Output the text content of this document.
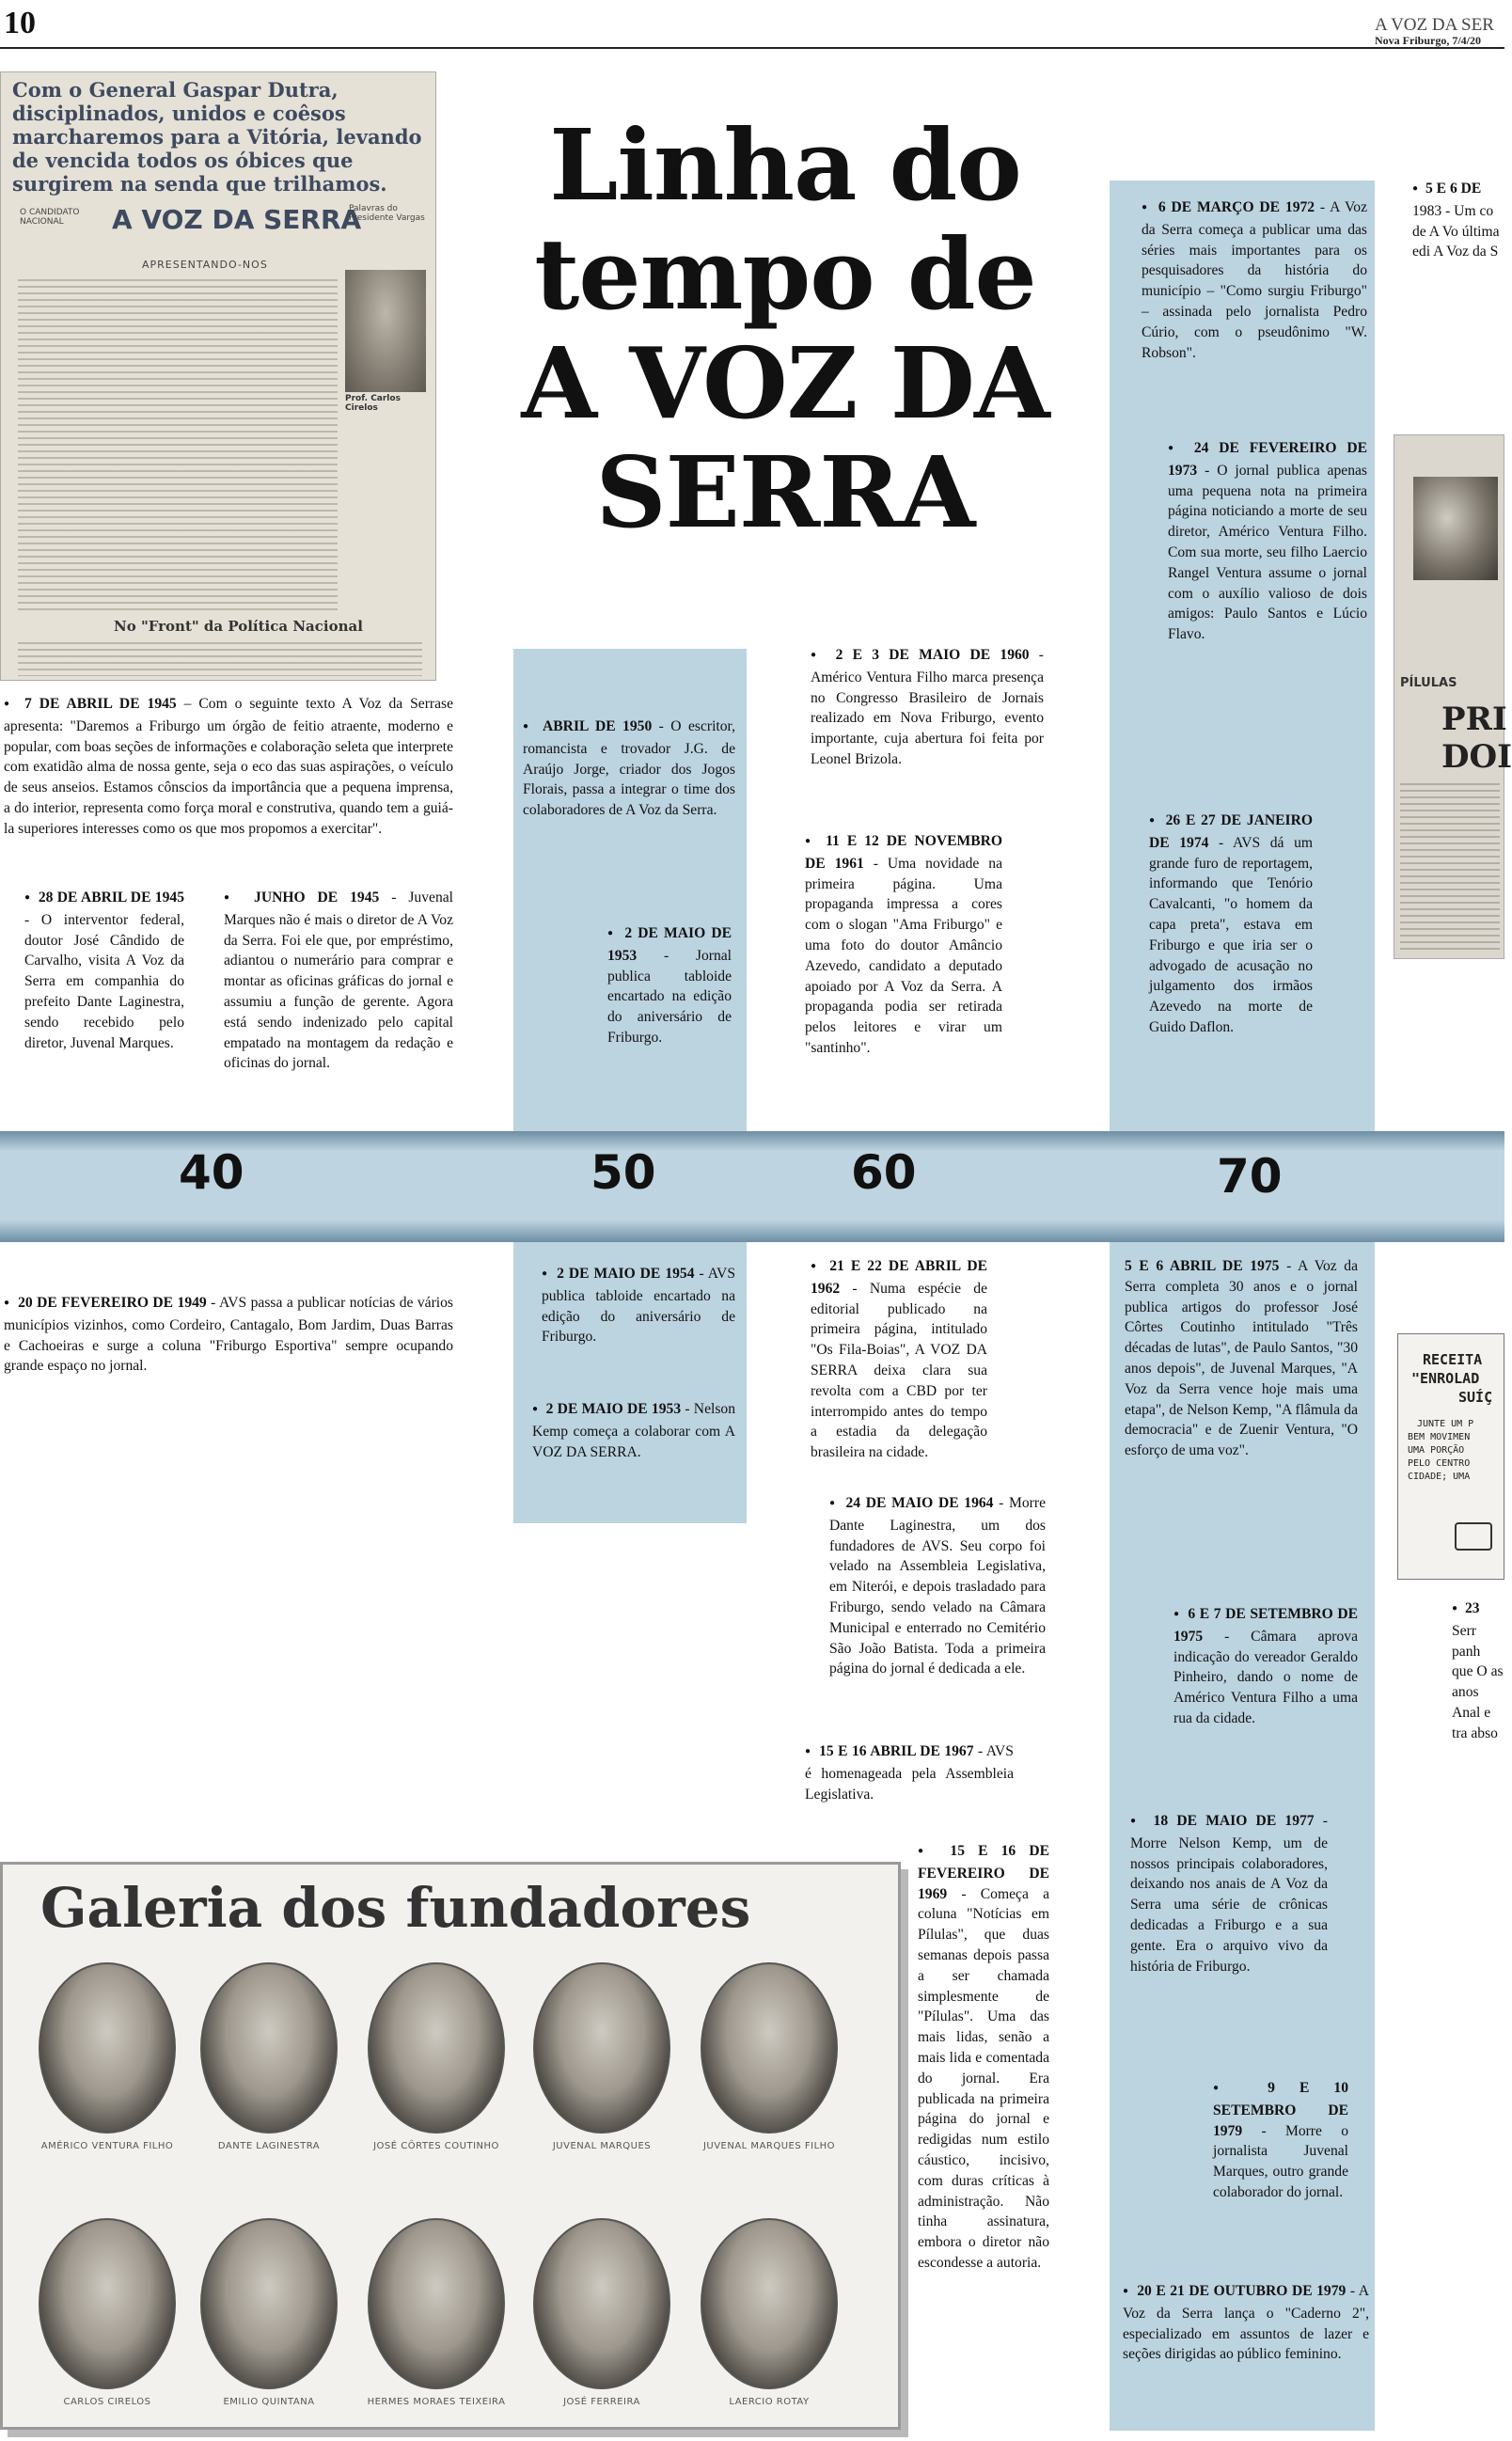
10	A VOZ DA SER
Nova Friburgo, 7/4/20
Com o General Gaspar Dutra, disciplinados, unidos e coêsos marcharemos para a Vitória, levando de vencida todos os óbices que surgirem na senda que trilhamos.
O CANDIDATO NACIONAL	A VOZ DA SERRA
Palavras do Presidente Vargas
APRESENTANDO-NOS
Prof. Carlos Cirelos
No "Front" da Política Nacional
Linha do
tempo de
A VOZ DA
SERRA
PÍLULAS
PRI
DOI
40	50	60	70
● 7 DE ABRIL DE 1945 – Com o seguinte texto A Voz da Serrase apresenta: "Daremos a Friburgo um órgão de feitio atraente, moderno e popular, com boas seções de informações e colaboração seleta que interprete com exatidão alma de nossa gente, seja o eco das suas aspirações, o veículo de seus anseios. Estamos cônscios da importância que a pequena imprensa, a do interior, representa como força moral e construtiva, quando tem a guiá-la superiores interesses como os que mos propomos a exercitar".
● 28 DE ABRIL DE 1945 - O interventor federal, doutor José Cândido de Carvalho, visita A Voz da Serra em companhia do prefeito Dante Laginestra, sendo recebido pelo diretor, Juvenal Marques.
● JUNHO DE 1945 - Juvenal Marques não é mais o diretor de A Voz da Serra. Foi ele que, por empréstimo, adiantou o numerário para comprar e montar as oficinas gráficas do jornal e assumiu a função de gerente. Agora está sendo indenizado pelo capital empatado na montagem da redação e oficinas do jornal.
● 20 DE FEVEREIRO DE 1949 - AVS passa a publicar notícias de vários municípios vizinhos, como Cordeiro, Cantagalo, Bom Jardim, Duas Barras e Cachoeiras e surge a coluna "Friburgo Esportiva" sempre ocupando grande espaço no jornal.
● ABRIL DE 1950 - O escritor, romancista e trovador J.G. de Araújo Jorge, criador dos Jogos Florais, passa a integrar o time dos colaboradores de A Voz da Serra.
● 2 DE MAIO DE 1953 - Jornal publica tabloide encartado na edição do aniversário de Friburgo.
● 2 DE MAIO DE 1954 - AVS publica tabloide encartado na edição do aniversário de Friburgo.
● 2 DE MAIO DE 1953 - Nelson Kemp começa a colaborar com A VOZ DA SERRA.
● 2 E 3 DE MAIO DE 1960 - Américo Ventura Filho marca presença no Congresso Brasileiro de Jornais realizado em Nova Friburgo, evento importante, cuja abertura foi feita por Leonel Brizola.
● 11 E 12 DE NOVEMBRO DE 1961 - Uma novidade na primeira página. Uma propaganda impressa a cores com o slogan "Ama Friburgo" e uma foto do doutor Amâncio Azevedo, candidato a deputado apoiado por A Voz da Serra. A propaganda podia ser retirada pelos leitores e virar um "santinho".
● 21 E 22 DE ABRIL DE 1962 - Numa espécie de editorial publicado na primeira página, intitulado "Os Fila-Boias", A VOZ DA SERRA deixa clara sua revolta com a CBD por ter interrompido antes do tempo a estadia da delegação brasileira na cidade.
● 24 DE MAIO DE 1964 - Morre Dante Laginestra, um dos fundadores de AVS. Seu corpo foi velado na Assembleia Legislativa, em Niterói, e depois trasladado para Friburgo, sendo velado na Câmara Municipal e enterrado no Cemitério São João Batista. Toda a primeira página do jornal é dedicada a ele.
● 15 E 16 ABRIL DE 1967 - AVS é homenageada pela Assembleia Legislativa.
● 15 E 16 DE FEVEREIRO DE 1969 - Começa a coluna "Notícias em Pílulas", que duas semanas depois passa a ser chamada simplesmente de "Pílulas". Uma das mais lidas, senão a mais lida e comentada do jornal. Era publicada na primeira página do jornal e redigidas num estilo cáustico, incisivo, com duras críticas à administração. Não tinha assinatura, embora o diretor não escondesse a autoria.
● 6 DE MARÇO DE 1972 - A Voz da Serra começa a publicar uma das séries mais importantes para os pesquisadores da história do município – "Como surgiu Friburgo" – assinada pelo jornalista Pedro Cúrio, com o pseudônimo "W. Robson".
● 24 DE FEVEREIRO DE 1973 - O jornal publica apenas uma pequena nota na primeira página noticiando a morte de seu diretor, Américo Ventura Filho. Com sua morte, seu filho Laercio Rangel Ventura assume o jornal com o auxílio valioso de dois amigos: Paulo Santos e Lúcio Flavo.
● 26 E 27 DE JANEIRO DE 1974 - AVS dá um grande furo de reportagem, informando que Tenório Cavalcanti, "o homem da capa preta", estava em Friburgo e que iria ser o advogado de acusação no julgamento dos irmãos Azevedo na morte de Guido Daflon.
5 E 6 ABRIL DE 1975 - A Voz da Serra completa 30 anos e o jornal publica artigos do professor José Côrtes Coutinho intitulado "Três décadas de lutas", de Paulo Santos, "30 anos depois", de Juvenal Marques, "A Voz da Serra vence hoje mais uma etapa", de Nelson Kemp, "A flâmula da democracia" e de Zuenir Ventura, "O esforço de uma voz".
● 6 E 7 DE SETEMBRO DE 1975 - Câmara aprova indicação do vereador Geraldo Pinheiro, dando o nome de Américo Ventura Filho a uma rua da cidade.
● 18 DE MAIO DE 1977 - Morre Nelson Kemp, um de nossos principais colaboradores, deixando nos anais de A Voz da Serra uma série de crônicas dedicadas a Friburgo e a sua gente. Era o arquivo vivo da história de Friburgo.
● 9 E 10 SETEMBRO DE 1979 - Morre o jornalista Juvenal Marques, outro grande colaborador do jornal.
● 20 E 21 DE OUTUBRO DE 1979 - A Voz da Serra lança o "Caderno 2", especializado em assuntos de lazer e seções dirigidas ao público feminino.
● 5 E 6 DE
1983 - Um co de A Vo última edi A Voz da S
● 23
Serr panh que O as anos Anal e tra abso
RECEITA
"ENROLAD
SUÍÇ
JUNTE UM P
BEM MOVIMEN
UMA PORÇÃO
PELO CENTRO
CIDADE; UMA
Galeria dos fundadores
AMÉRICO VENTURA FILHO	DANTE LAGINESTRA	JOSÉ CÔRTES COUTINHO	JUVENAL MARQUES	JUVENAL MARQUES FILHO
CARLOS CIRELOS	EMILIO QUINTANA	HERMES MORAES TEIXEIRA	JOSÉ FERREIRA	LAERCIO ROTAY
